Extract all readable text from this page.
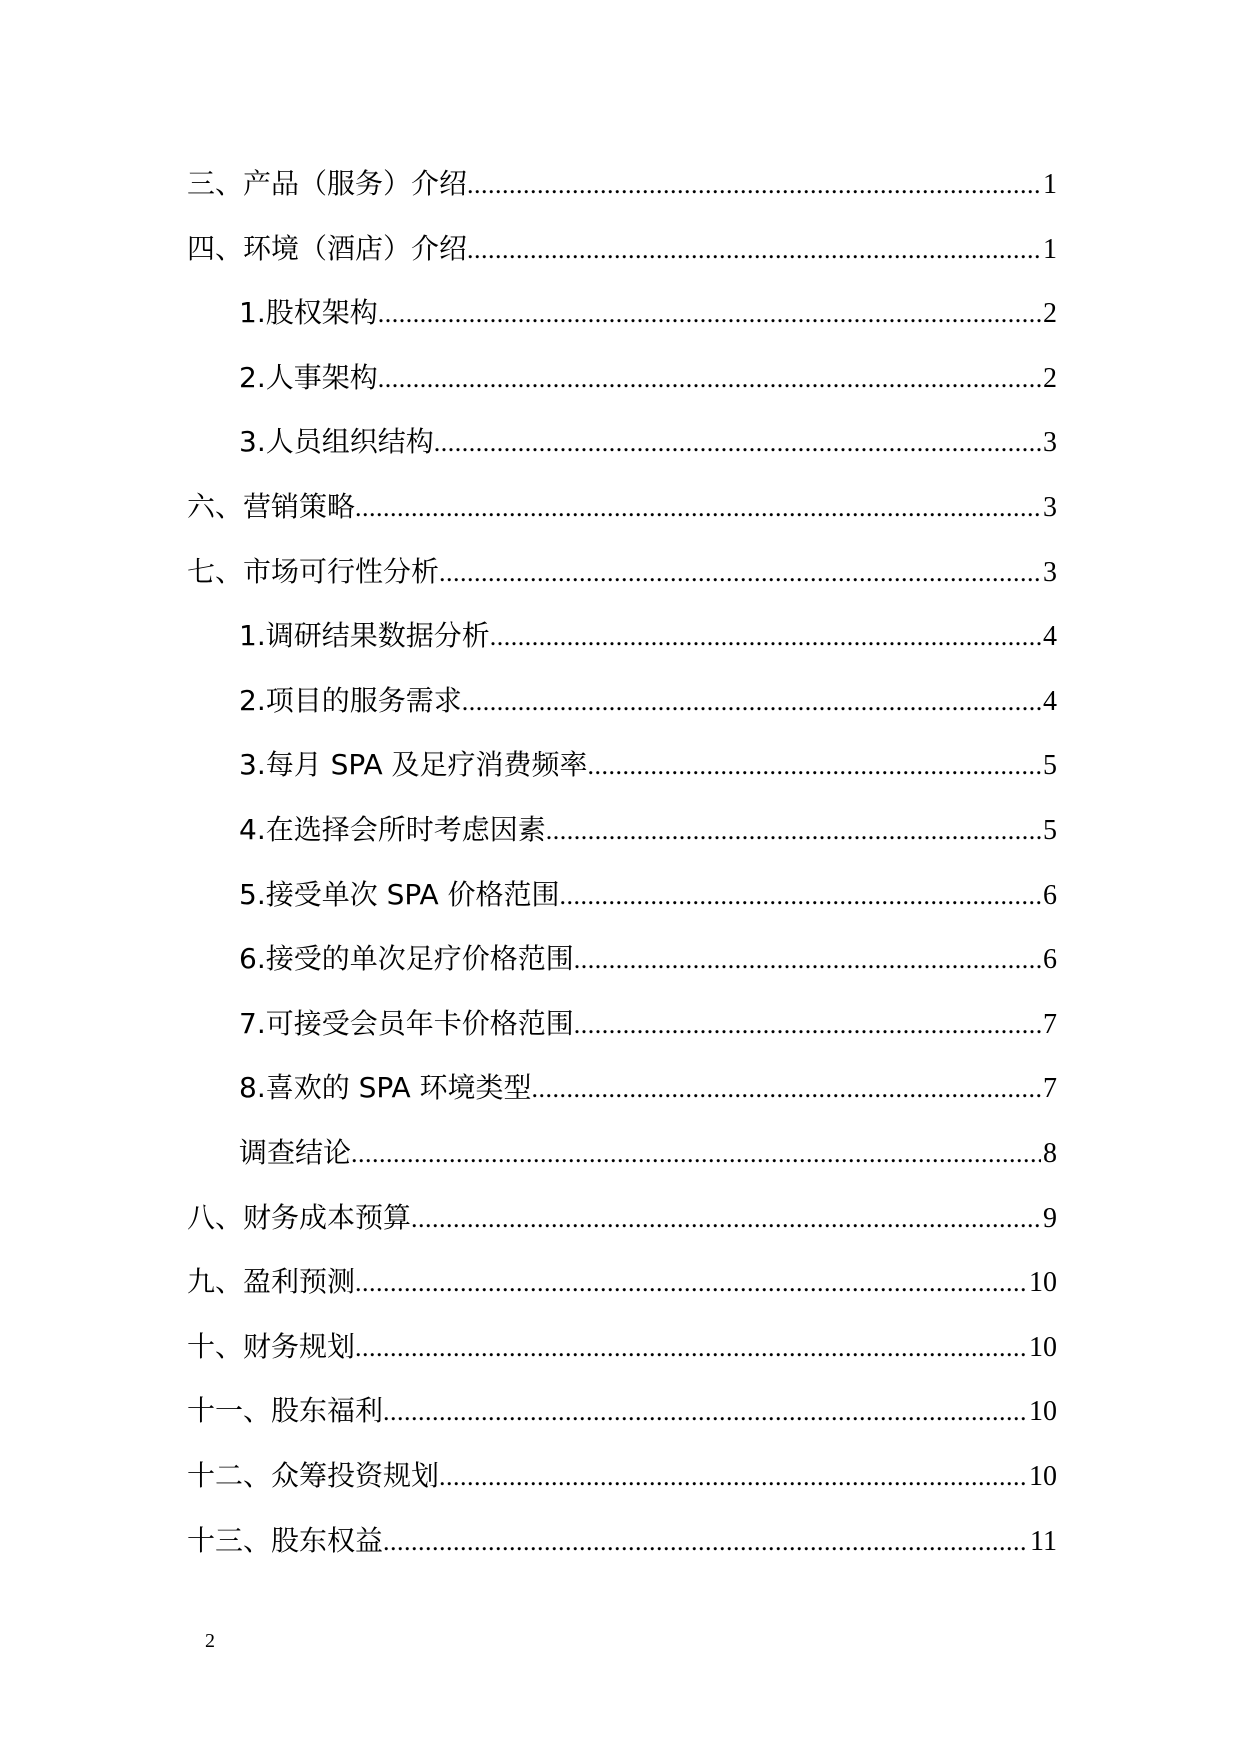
三、产品（服务）介绍 .....	1
四、环境（酒店）介绍 .....	1
1.股权架构 .....	2
2.人事架构 .....	2
3.人员组织结构 .....	3
六、营销策略 .....	3
七、市场可行性分析 .....	3
1.调研结果数据分析 .....	4
2.项目的服务需求 .....	4
3.每月 SPA 及足疗消费频率 .....	5
4.在选择会所时考虑因素 .....	5
5.接受单次 SPA 价格范围 .....	6
6.接受的单次足疗价格范围 .....	6
7.可接受会员年卡价格范围 .....	7
8.喜欢的 SPA 环境类型 .....	7
调查结论 .....	8
八、财务成本预算 .....	9
九、盈利预测 .....	10
十、财务规划 .....	10
十一、股东福利 .....	10
十二、众筹投资规划 .....	10
十三、股东权益 .....	11
2
